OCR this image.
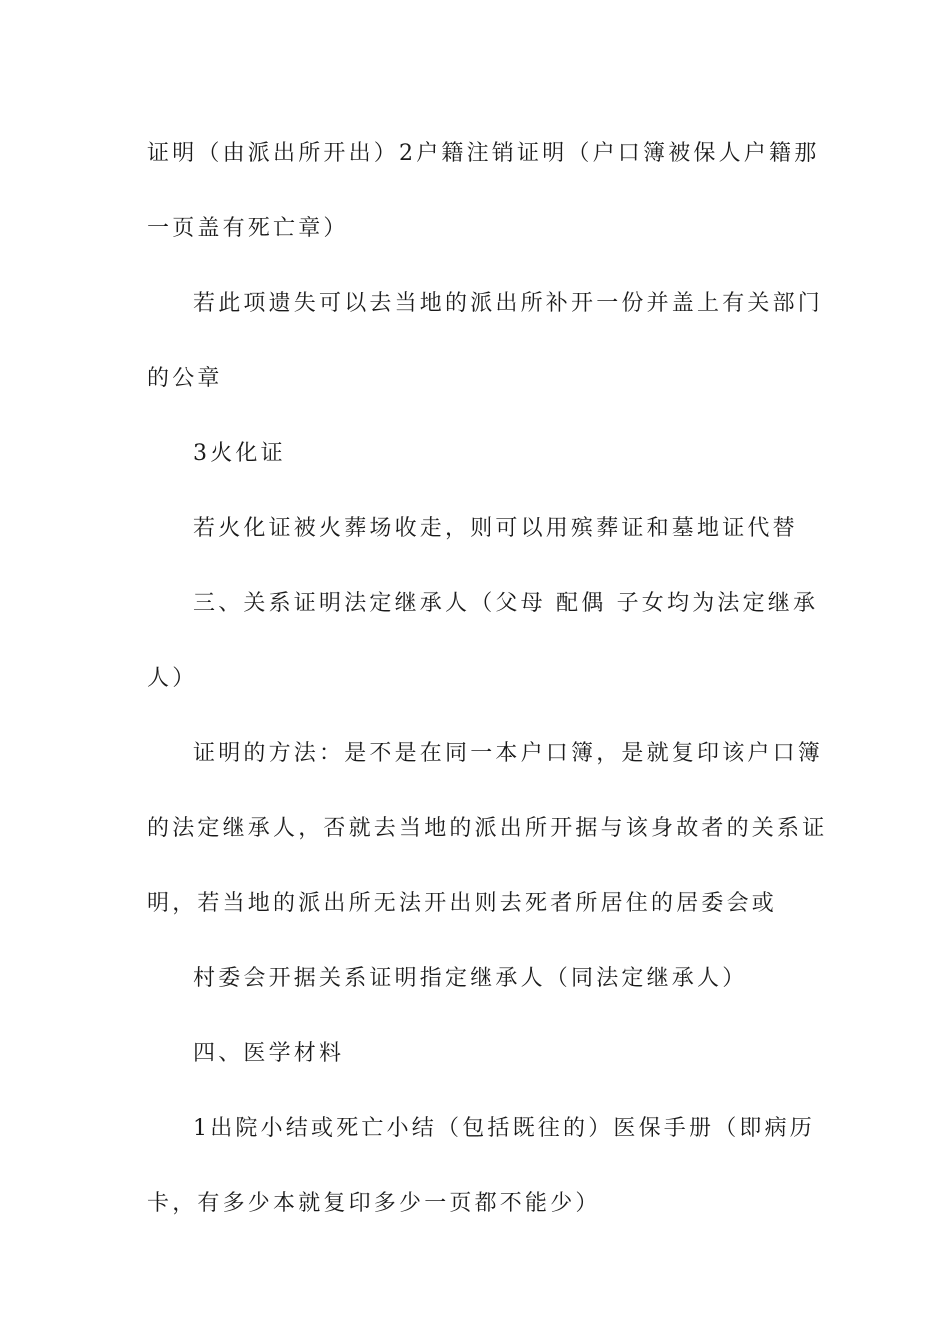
证明（由派出所开出）2户籍注销证明（户口簿被保人户籍那
一页盖有死亡章）
若此项遗失可以去当地的派出所补开一份并盖上有关部门
的公章
3火化证
若火化证被火葬场收走，则可以用殡葬证和墓地证代替
三、关系证明法定继承人（父母 配偶 子女均为法定继承
人）
证明的方法：是不是在同一本户口簿，是就复印该户口簿
的法定继承人，否就去当地的派出所开据与该身故者的关系证
明，若当地的派出所无法开出则去死者所居住的居委会或
村委会开据关系证明指定继承人（同法定继承人）
四、医学材料
1出院小结或死亡小结（包括既往的）医保手册（即病历
卡，有多少本就复印多少一页都不能少）
